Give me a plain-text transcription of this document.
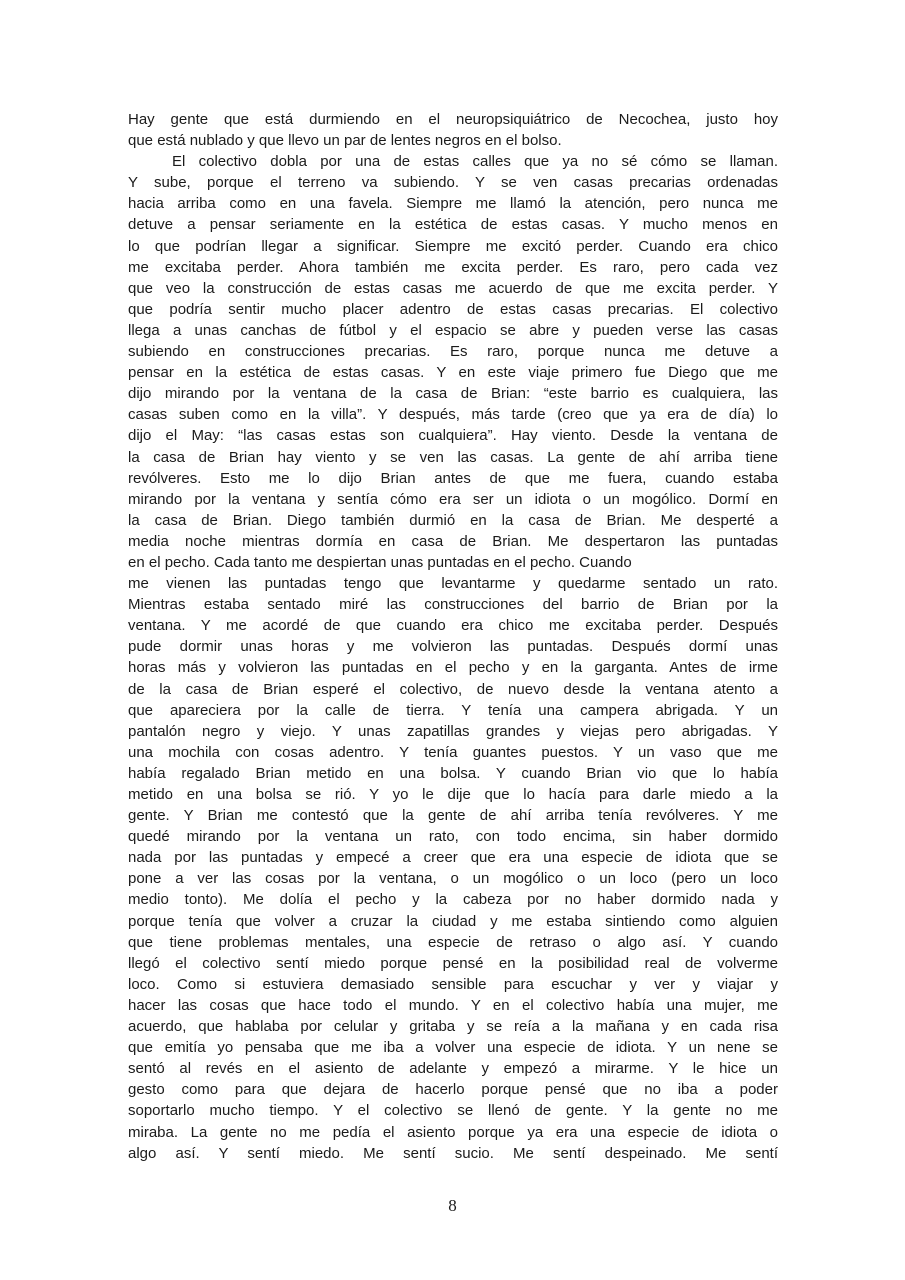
Hay gente que está durmiendo en el neuropsiquiátrico de Necochea, justo hoy
que está nublado y que llevo un par de lentes negros en el bolso.
El colectivo dobla por una de estas calles que ya no sé cómo se llaman.
Y sube, porque el terreno va subiendo. Y se ven casas precarias ordenadas
hacia arriba como en una favela. Siempre me llamó la atención, pero nunca me
detuve a pensar seriamente en la estética de estas casas. Y mucho menos en
lo que podrían llegar a significar. Siempre me excitó perder. Cuando era chico
me excitaba perder. Ahora también me excita perder. Es raro, pero cada vez
que veo la construcción de estas casas me acuerdo de que me excita perder. Y
que podría sentir mucho placer adentro de estas casas precarias. El colectivo
llega a unas canchas de fútbol y el espacio se abre y pueden verse las casas
subiendo en construcciones precarias. Es raro, porque nunca me detuve a
pensar en la estética de estas casas. Y en este viaje primero fue Diego que me
dijo mirando por la ventana de la casa de Brian: “este barrio es cualquiera, las
casas suben como en la villa”. Y después, más tarde (creo que ya era de día) lo
dijo el May: “las casas estas son cualquiera”. Hay viento. Desde la ventana de
la casa de Brian hay viento y se ven las casas. La gente de ahí arriba tiene
revólveres. Esto me lo dijo Brian antes de que me fuera, cuando estaba
mirando por la ventana y sentía cómo era ser un idiota o un mogólico. Dormí en
la casa de Brian. Diego también durmió en la casa de Brian. Me desperté a
media noche mientras dormía en casa de Brian. Me despertaron las puntadas
en el pecho. Cada tanto me despiertan unas puntadas en el pecho. Cuando
me vienen las puntadas tengo que levantarme y quedarme sentado un rato.
Mientras estaba sentado miré las construcciones del barrio de Brian por la
ventana. Y me acordé de que cuando era chico me excitaba perder. Después
pude dormir unas horas y me volvieron las puntadas. Después dormí unas
horas más y volvieron las puntadas en el pecho y en la garganta. Antes de irme
de la casa de Brian esperé el colectivo, de nuevo desde la ventana atento a
que apareciera por la calle de tierra. Y tenía una campera abrigada. Y un
pantalón negro y viejo. Y unas zapatillas grandes y viejas pero abrigadas. Y
una mochila con cosas adentro. Y tenía guantes puestos. Y un vaso que me
había regalado Brian metido en una bolsa. Y cuando Brian vio que lo había
metido en una bolsa se rió. Y yo le dije que lo hacía para darle miedo a la
gente. Y Brian me contestó que la gente de ahí arriba tenía revólveres. Y me
quedé mirando por la ventana un rato, con todo encima, sin haber dormido
nada por las puntadas y empecé a creer que era una especie de idiota que se
pone a ver las cosas por la ventana, o un mogólico o un loco (pero un loco
medio tonto). Me dolía el pecho y la cabeza por no haber dormido nada y
porque tenía que volver a cruzar la ciudad y me estaba sintiendo como alguien
que tiene problemas mentales, una especie de retraso o algo así. Y cuando
llegó el colectivo sentí miedo porque pensé en la posibilidad real de volverme
loco. Como si estuviera demasiado sensible para escuchar y ver y viajar y
hacer las cosas que hace todo el mundo. Y en el colectivo había una mujer, me
acuerdo, que hablaba por celular y gritaba y se reía a la mañana y en cada risa
que emitía yo pensaba que me iba a volver una especie de idiota. Y un nene se
sentó al revés en el asiento de adelante y empezó a mirarme. Y le hice un
gesto como para que dejara de hacerlo porque pensé que no iba a poder
soportarlo mucho tiempo. Y el colectivo se llenó de gente. Y la gente no me
miraba. La gente no me pedía el asiento porque ya era una especie de idiota o
algo así. Y sentí miedo. Me sentí sucio. Me sentí despeinado. Me sentí
8
